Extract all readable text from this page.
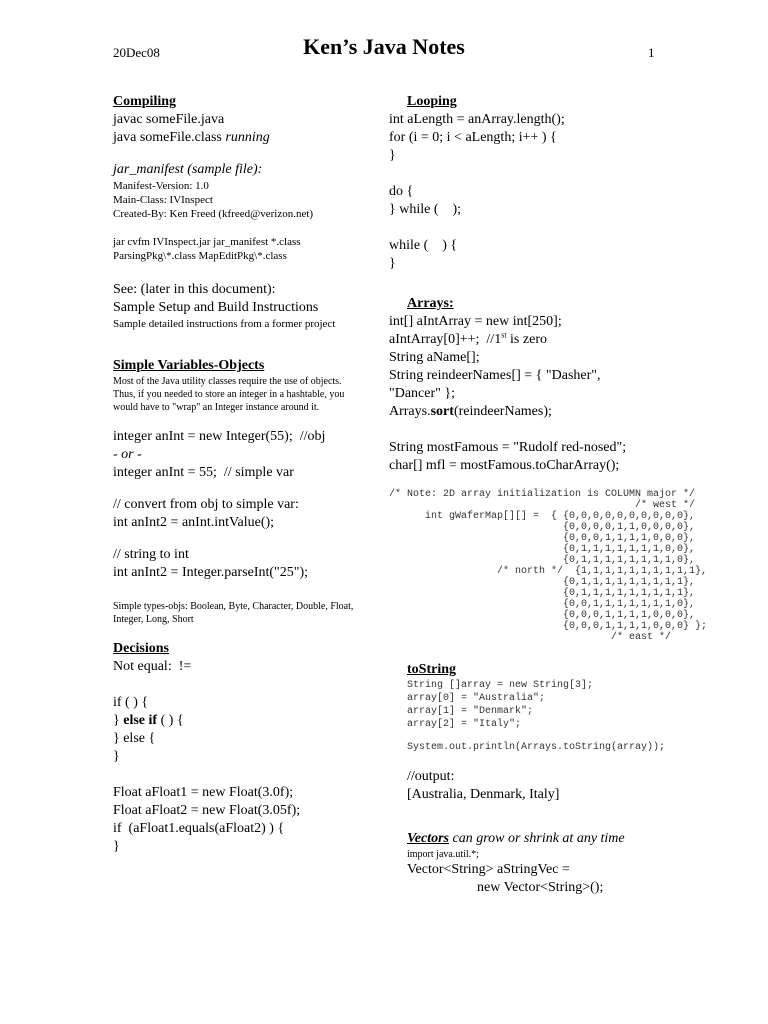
20Dec08	Ken’s Java Notes	1
Compiling
javac someFile.java
java someFile.class running
jar_manifest (sample file):
Manifest-Version: 1.0
Main-Class: IVInspect
Created-By: Ken Freed (kfreed@verizon.net)
jar cvfm IVInspect.jar jar_manifest *.class
ParsingPkg\*.class MapEditPkg\*.class
See: (later in this document):
Sample Setup and Build Instructions
Sample detailed instructions from a former project
Simple Variables-Objects
Most of the Java utility classes require the use of objects. Thus, if you needed to store an integer in a hashtable, you would have to "wrap" an Integer instance around it.
integer anInt = new Integer(55);  //obj
- or -
integer anInt = 55;  // simple var
// convert from obj to simple var:
int anInt2 = anInt.intValue();
// string to int
int anInt2 = Integer.parseInt("25");
Simple types-objs: Boolean, Byte, Character, Double, Float, Integer, Long, Short
Decisions
Not equal:  !=
if ( ) {
} else if ( ) {
} else {
}
Float aFloat1 = new Float(3.0f);
Float aFloat2 = new Float(3.05f);
if  (aFloat1.equals(aFloat2) ) {
}
Looping
int aLength = anArray.length();
for (i = 0; i < aLength; i++ ) {
}
do {
} while (    );
while (    ) {
}
Arrays:
int[] aIntArray = new int[250];
aIntArray[0]++;  //1st is zero
String aName[];
String reindeerNames[] = { "Dasher",
"Dancer" };
Arrays.sort(reindeerNames);
String mostFamous = "Rudolf red-nosed";
char[] mfl = mostFamous.toCharArray();
/* Note: 2D array initialization is COLUMN major */
/* west */
int gWaferMap[][] =  { {0,0,0,0,0,0,0,0,0,0},
{0,0,0,0,1,1,0,0,0,0},
{0,0,0,1,1,1,1,0,0,0},
{0,1,1,1,1,1,1,1,0,0},
{0,1,1,1,1,1,1,1,1,0},
/* north */  {1,1,1,1,1,1,1,1,1,1},
{0,1,1,1,1,1,1,1,1,1},
{0,1,1,1,1,1,1,1,1,1},
{0,0,1,1,1,1,1,1,1,0},
{0,0,0,1,1,1,1,0,0,0},
{0,0,0,1,1,1,1,0,0,0} };
/* east */
toString
String []array = new String[3];
array[0] = "Australia";
array[1] = "Denmark";
array[2] = "Italy";
System.out.println(Arrays.toString(array));
//output:
[Australia, Denmark, Italy]
Vectors can grow or shrink at any time
import java.util.*;
Vector<String> aStringVec =
new Vector<String>();
